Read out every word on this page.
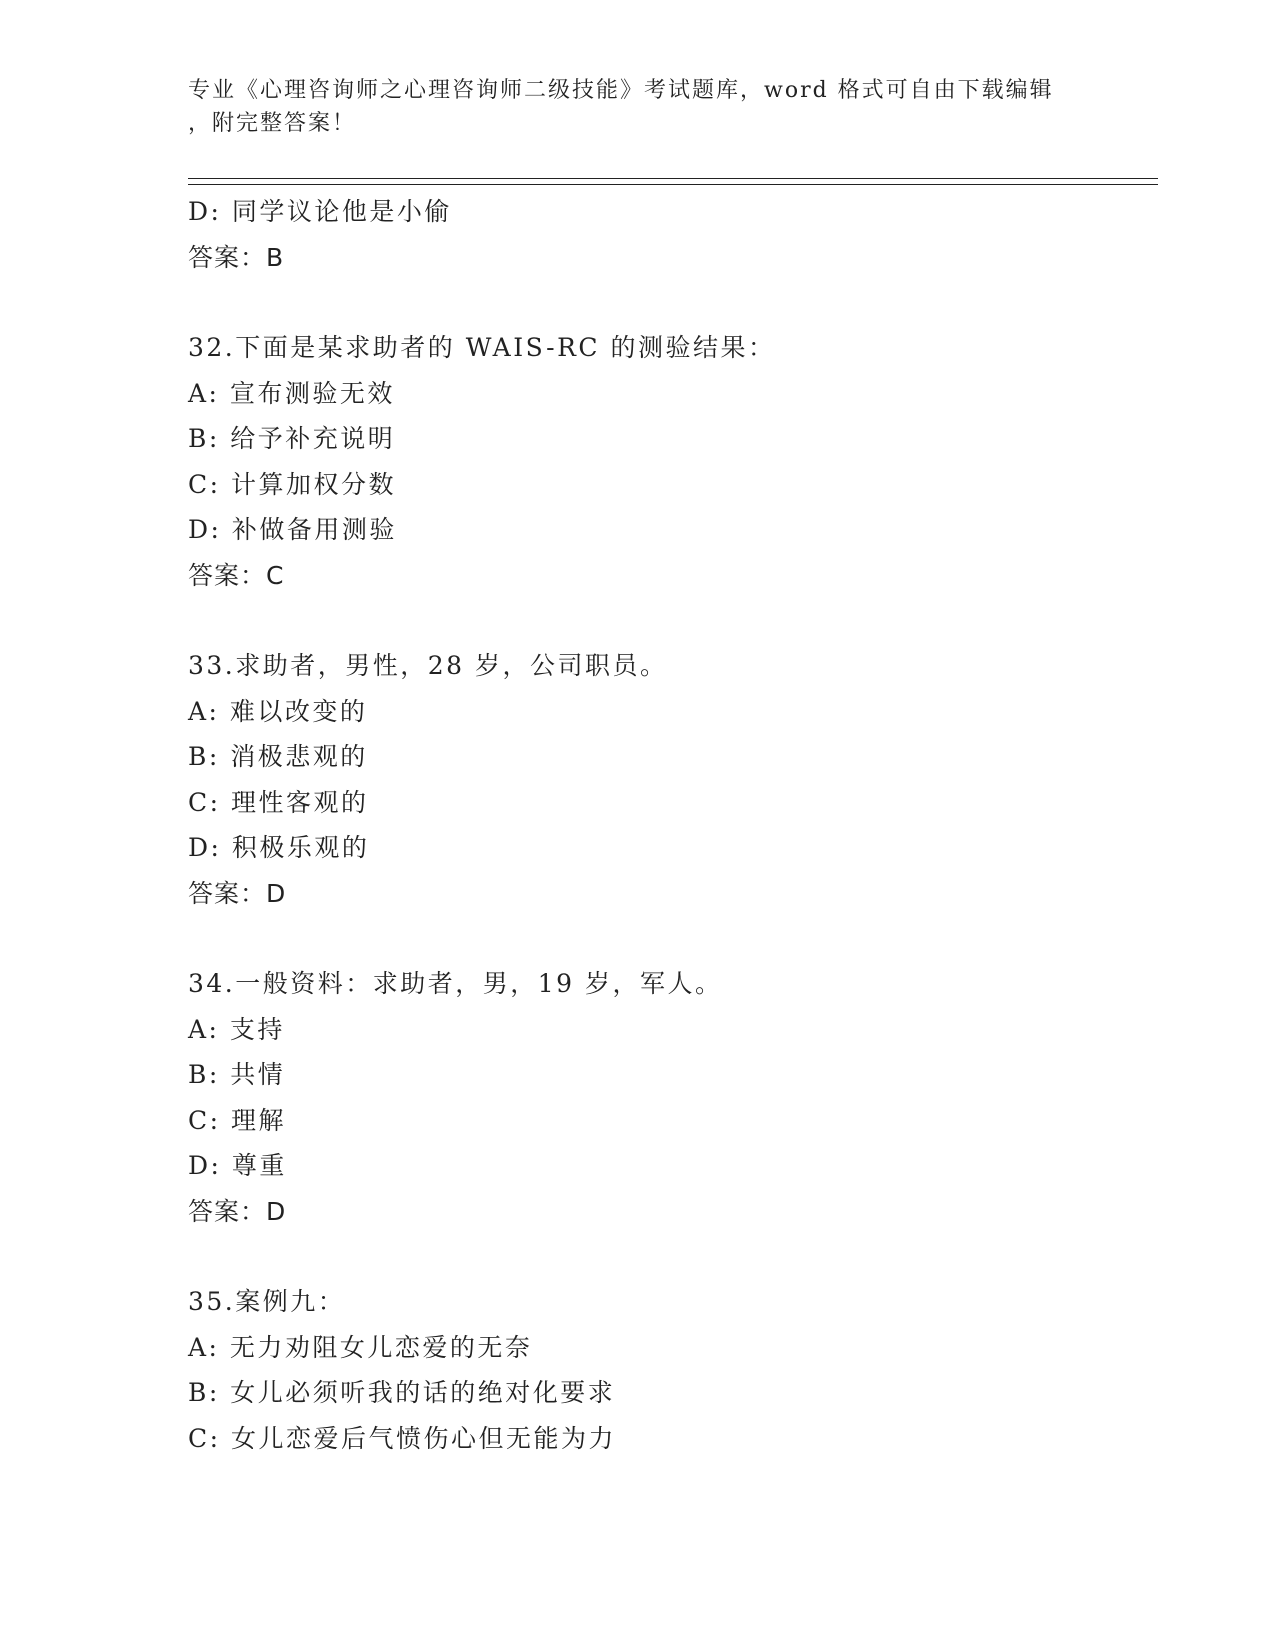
专业《心理咨询师之心理咨询师二级技能》考试题库，word 格式可自由下载编辑
，附完整答案！
D: 同学议论他是小偷
答案：B
32.下面是某求助者的 WAIS-RC 的测验结果：
A: 宣布测验无效
B: 给予补充说明
C: 计算加权分数
D: 补做备用测验
答案：C
33.求助者，男性，28 岁，公司职员。
A: 难以改变的
B: 消极悲观的
C: 理性客观的
D: 积极乐观的
答案：D
34.一般资料：求助者，男，19 岁，军人。
A: 支持
B: 共情
C: 理解
D: 尊重
答案：D
35.案例九：
A: 无力劝阻女儿恋爱的无奈
B: 女儿必须听我的话的绝对化要求
C: 女儿恋爱后气愤伤心但无能为力
